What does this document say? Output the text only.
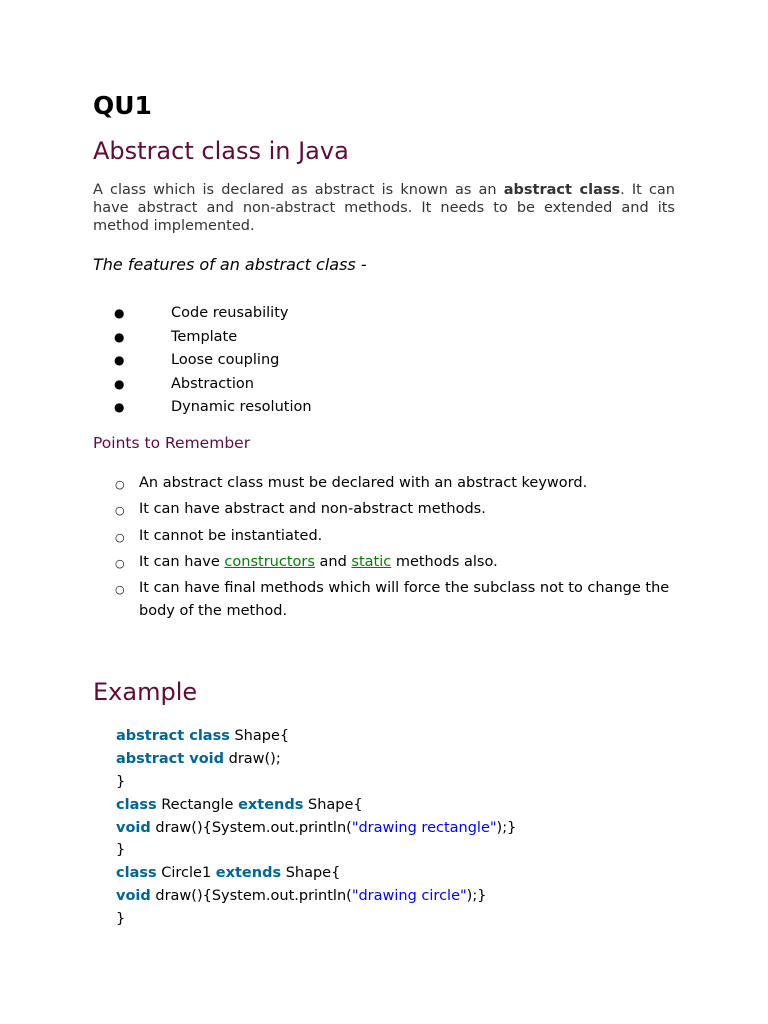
QU1
Abstract class in Java

A class which is declared as abstract is known as an abstract class. It can have abstract and non-abstract methods. It needs to be extended and its method implemented.

The features of an abstract class -

●	Code reusability
●	Template
●	Loose coupling
●	Abstraction
●	Dynamic resolution
Points to Remember
○ An abstract class must be declared with an abstract keyword.
○ It can have abstract and non-abstract methods.
○ It cannot be instantiated.
○ It can have constructors and static methods also.
○ It can have final methods which will force the subclass not to change the body of the method.
Example
abstract class Shape{
abstract void draw();
}
class Rectangle extends Shape{
void draw(){System.out.println("drawing rectangle");}
}
class Circle1 extends Shape{
void draw(){System.out.println("drawing circle");}
}
